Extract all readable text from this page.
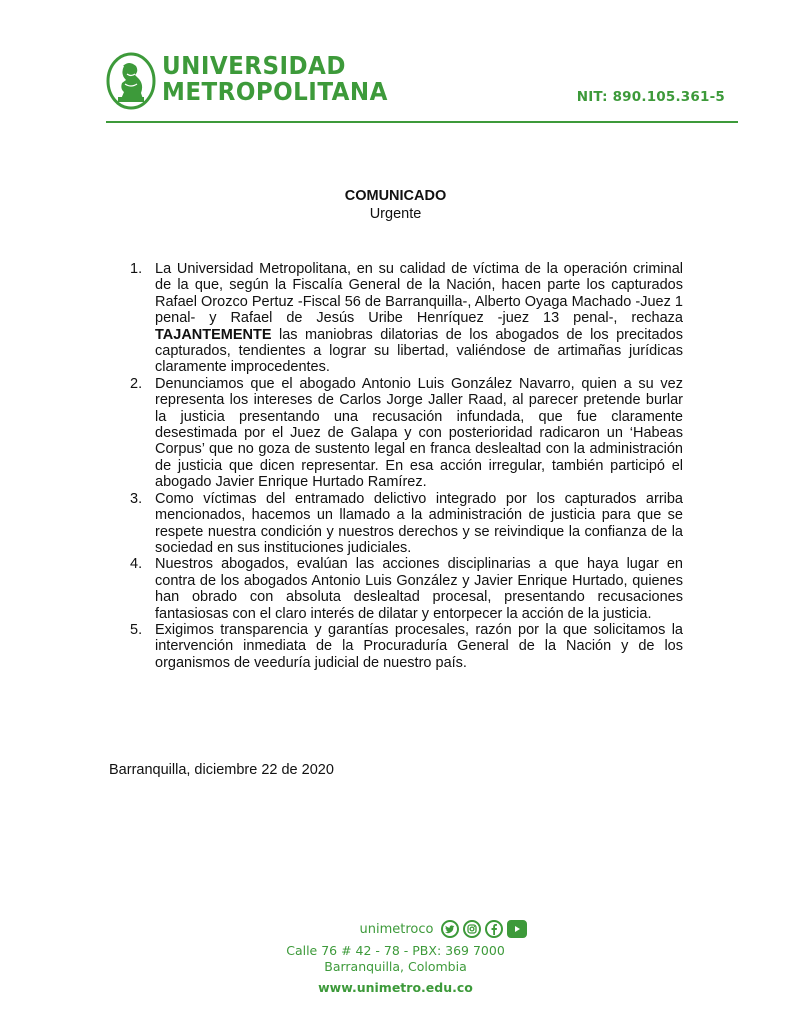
UNIVERSIDAD
METROPOLITANA	NIT: 890.105.361-5
COMUNICADO
Urgente
1. La Universidad Metropolitana, en su calidad de víctima de la operación criminal de la que, según la Fiscalía General de la Nación, hacen parte los capturados Rafael Orozco Pertuz -Fiscal 56 de Barranquilla-, Alberto Oyaga Machado -Juez 1 penal- y Rafael de Jesús Uribe Henríquez -juez 13 penal-, rechaza TAJANTEMENTE las maniobras dilatorias de los abogados de los precitados capturados, tendientes a lograr su libertad, valiéndose de artimañas jurídicas claramente improcedentes.
2. Denunciamos que el abogado Antonio Luis González Navarro, quien a su vez representa los intereses de Carlos Jorge Jaller Raad, al parecer pretende burlar la justicia presentando una recusación infundada, que fue claramente desestimada por el Juez de Galapa y con posterioridad radicaron un ‘Habeas Corpus’ que no goza de sustento legal en franca deslealtad con la administración de justicia que dicen representar. En esa acción irregular, también participó el abogado Javier Enrique Hurtado Ramírez.
3. Como víctimas del entramado delictivo integrado por los capturados arriba mencionados, hacemos un llamado a la administración de justicia para que se respete nuestra condición y nuestros derechos y se reivindique la confianza de la sociedad en sus instituciones judiciales.
4. Nuestros abogados, evalúan las acciones disciplinarias a que haya lugar en contra de los abogados Antonio Luis González y Javier Enrique Hurtado, quienes han obrado con absoluta deslealtad procesal, presentando recusaciones fantasiosas con el claro interés de dilatar y entorpecer la acción de la justicia.
5. Exigimos transparencia y garantías procesales, razón por la que solicitamos la intervención inmediata de la Procuraduría General de la Nación y de los organismos de veeduría judicial de nuestro país.
Barranquilla, diciembre 22 de 2020
unimetroco
Calle 76 # 42 - 78 - PBX: 369 7000
Barranquilla, Colombia
www.unimetro.edu.co
